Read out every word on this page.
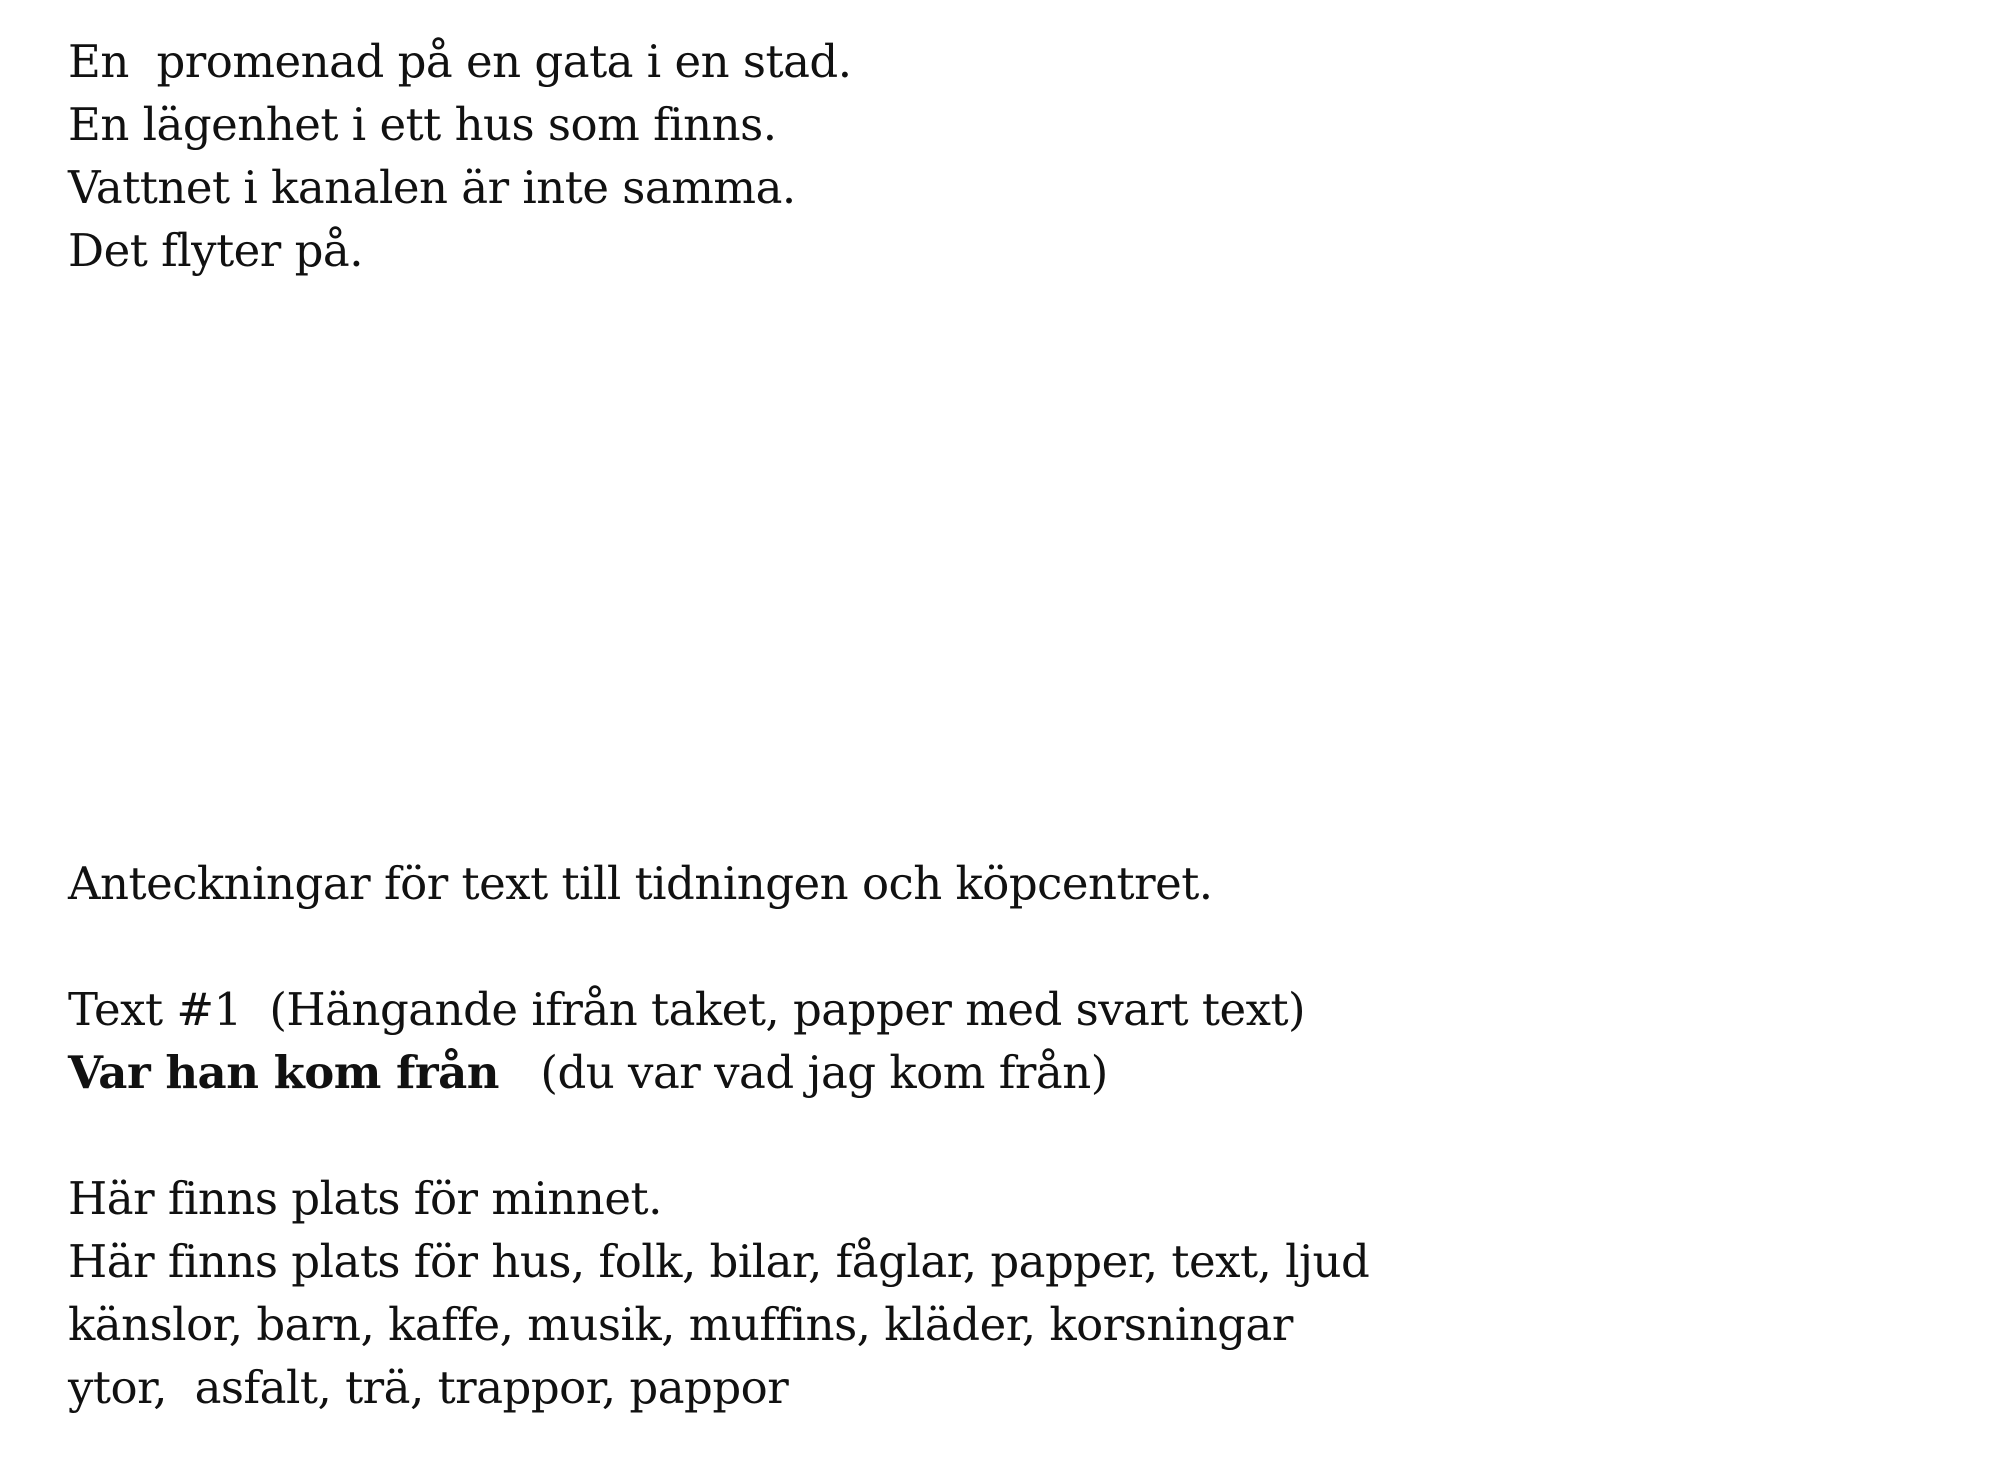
En  promenad på en gata i en stad.
En lägenhet i ett hus som finns.
Vattnet i kanalen är inte samma.
Det flyter på.
Anteckningar för text till tidningen och köpcentret.
Text #1  (Hängande ifrån taket, papper med svart text)
Var han kom från   (du var vad jag kom från)
Här finns plats för minnet.
Här finns plats för hus, folk, bilar, fåglar, papper, text, ljud
känslor, barn, kaffe, musik, muffins, kläder, korsningar
ytor,  asfalt, trä, trappor, pappor
